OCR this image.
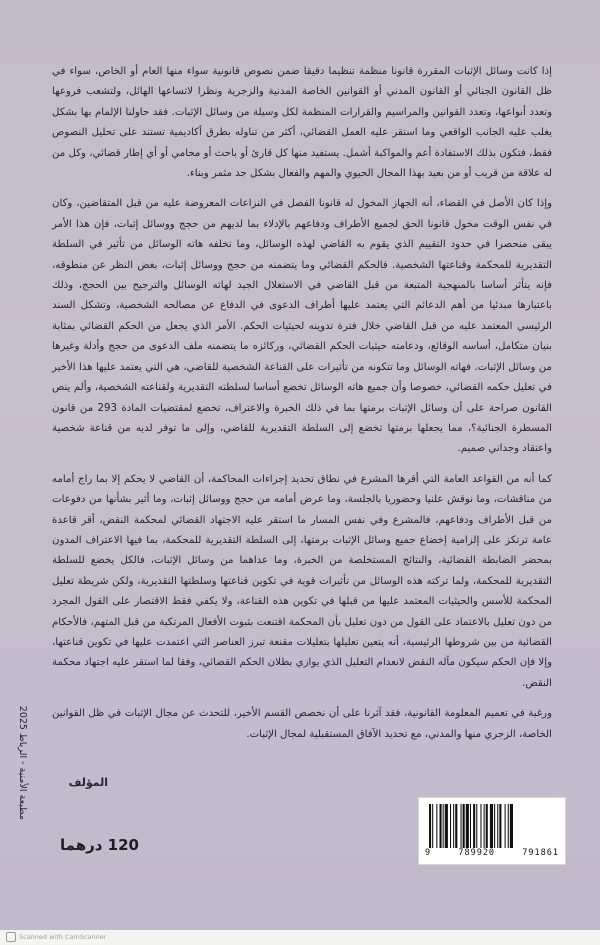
إذا كانت وسائل الإثبات المقررة قانونا منظمة تنظيما دقيقا ضمن نصوص قانونية سواء منها العام أو الخاص، سواء في ظل القانون الجنائي أو القانون المدني أو القوانين الخاصة المدنية والزجرية ونظرا لاتساعها الهائل، ولتشعب فروعها وتعدد أنواعها، وتعدد القوانين والمراسيم والقرارات المنظمة لكل وسيلة من وسائل الإثبات. فقد حاولنا الإلمام بها بشكل يغلب عليه الجانب الواقعي وما استقر عليه العمل القضائي، أكثر من تناوله بطرق أكاديمية تستند على تحليل النصوص فقط، فتكون بذلك الاستفادة أعم والمواكبة أشمل. يستفيد منها كل قارئ أو باحث أو محامي أو أي إطار قضائي، وكل من له علاقة من قريب أو من بعيد بهذا المجال الحيوي والمهم والفعال بشكل جد مثمر وبناء.

وإذا كان الأصل في القضاء، أنه الجهاز المخول له قانونا الفصل في النزاعات المعروضة عليه من قبل المتقاضين، وكان في نفس الوقت مخول قانونا الحق لجميع الأطراف ودفاعهم بالإدلاء بما لديهم من حجج ووسائل إثبات، فإن هذا الأمر يبقى منحصرا في حدود التقييم الذي يقوم به القاضي لهذه الوسائل، وما تخلفه هاته الوسائل من تأثير في السلطة التقديرية للمحكمة وقناعتها الشخصية. فالحكم القضائي وما يتضمنه من حجج ووسائل إثبات، بغض النظر عن منطوقه، فإنه يتأثر أساسا بالمنهجية المتبعة من قبل القاضي في الاستغلال الجيد لهاته الوسائل والترجيح بين الحجج، وذلك باعتبارها مبدئيا من أهم الدعائم التي يعتمد عليها أطراف الدعوى في الدفاع عن مصالحه الشخصية، وتشكل السند الرئيسي المعتمد عليه من قبل القاضي خلال فترة تدوينه لحيثيات الحكم. الأمر الذي يجعل من الحكم القضائي بمثابة بنيان متكامل، أساسه الوقائع، ودعامته حيثيات الحكم القضائي، وركائزه ما يتضمنه ملف الدعوى من حجج وأدلة وغيرها من وسائل الإثبات. فهاته الوسائل وما تتكونه من تأثيرات على القناعة الشخصية للقاضي، هي التي يعتمد عليها هذا الأخير في تعليل حكمه القضائي، خصوصا وأن جميع هاته الوسائل تخضع أساسا لسلطته التقديرية ولقناعته الشخصية، وألم ينص القانون صراحة على أن وسائل الإثبات برمتها بما في ذلك الخبرة والاعتراف، تخضع لمقتضيات المادة 293 من قانون المسطرة الجنائية؟، مما يجعلها برمتها تخضع إلى السلطة التقديرية للقاضي، وإلى ما توفر لديه من قناعة شخصية واعتقاد وجداني صميم.

كما أنه من القواعد العامة التي أقرها المشرع في نطاق تحديد إجراءات المحاكمة، أن القاضي لا يحكم إلا بما راج أمامه من مناقشات، وما نوقش علنيا وحضوريا بالجلسة، وما عرض أمامه من حجج ووسائل إثبات، وما أثير بشأنها من دفوعات من قبل الأطراف ودفاعهم، فالمشرع وفي نفس المسار ما استقر عليه الاجتهاد القضائي لمحكمة النقض، أقر قاعدة عامة ترتكز على إلزامية إخضاع جميع وسائل الإثبات برمتها، إلى السلطة التقديرية للمحكمة، بما فيها الاعتراف المدون بمحضر الضابطة القضائية، والنتائج المستخلصة من الخبرة، وما عداهما من وسائل الإثبات، فالكل يخضع للسلطة التقديرية للمحكمة، ولما تركته هذه الوسائل من تأثيرات قوية في تكوين قناعتها وسلطتها التقديرية، ولكن شريطة تعليل المحكمة للأسس والحيثيات المعتمد عليها من قبلها في تكوين هذه القناعة، ولا يكفي فقط الاقتصار على القول المجرد من دون تعليل بالاعتماد على القول من دون تعليل بأن المحكمة اقتنعت بثبوت الأفعال المرتكبة من قبل المتهم، فالأحكام القضائية من بين شروطها الرئيسية، أنه يتعين تعليلها بتعليلات مقنعة تبرز العناصر التي اعتمدت عليها في تكوين قناعتها، وإلا فإن الحكم سيكون مآله النقض لانعدام التعليل الذي يوازي بطلان الحكم القضائي، وفقا لما استقر عليه اجتهاد محكمة النقض.

ورغبة في تعميم المعلومة القانونية، فقد آثرنا على أن نخصص القسم الأخير، للتحدث عن مجال الإثبات في ظل القوانين الخاصة، الزجري منها والمدني، مع تحديد الآفاق المستقبلية لمجال الإثبات.

المؤلف
مطبعة الأمنية - الرباط 2025
120 درهما	9	789920	791861
Scanned with CamScanner
